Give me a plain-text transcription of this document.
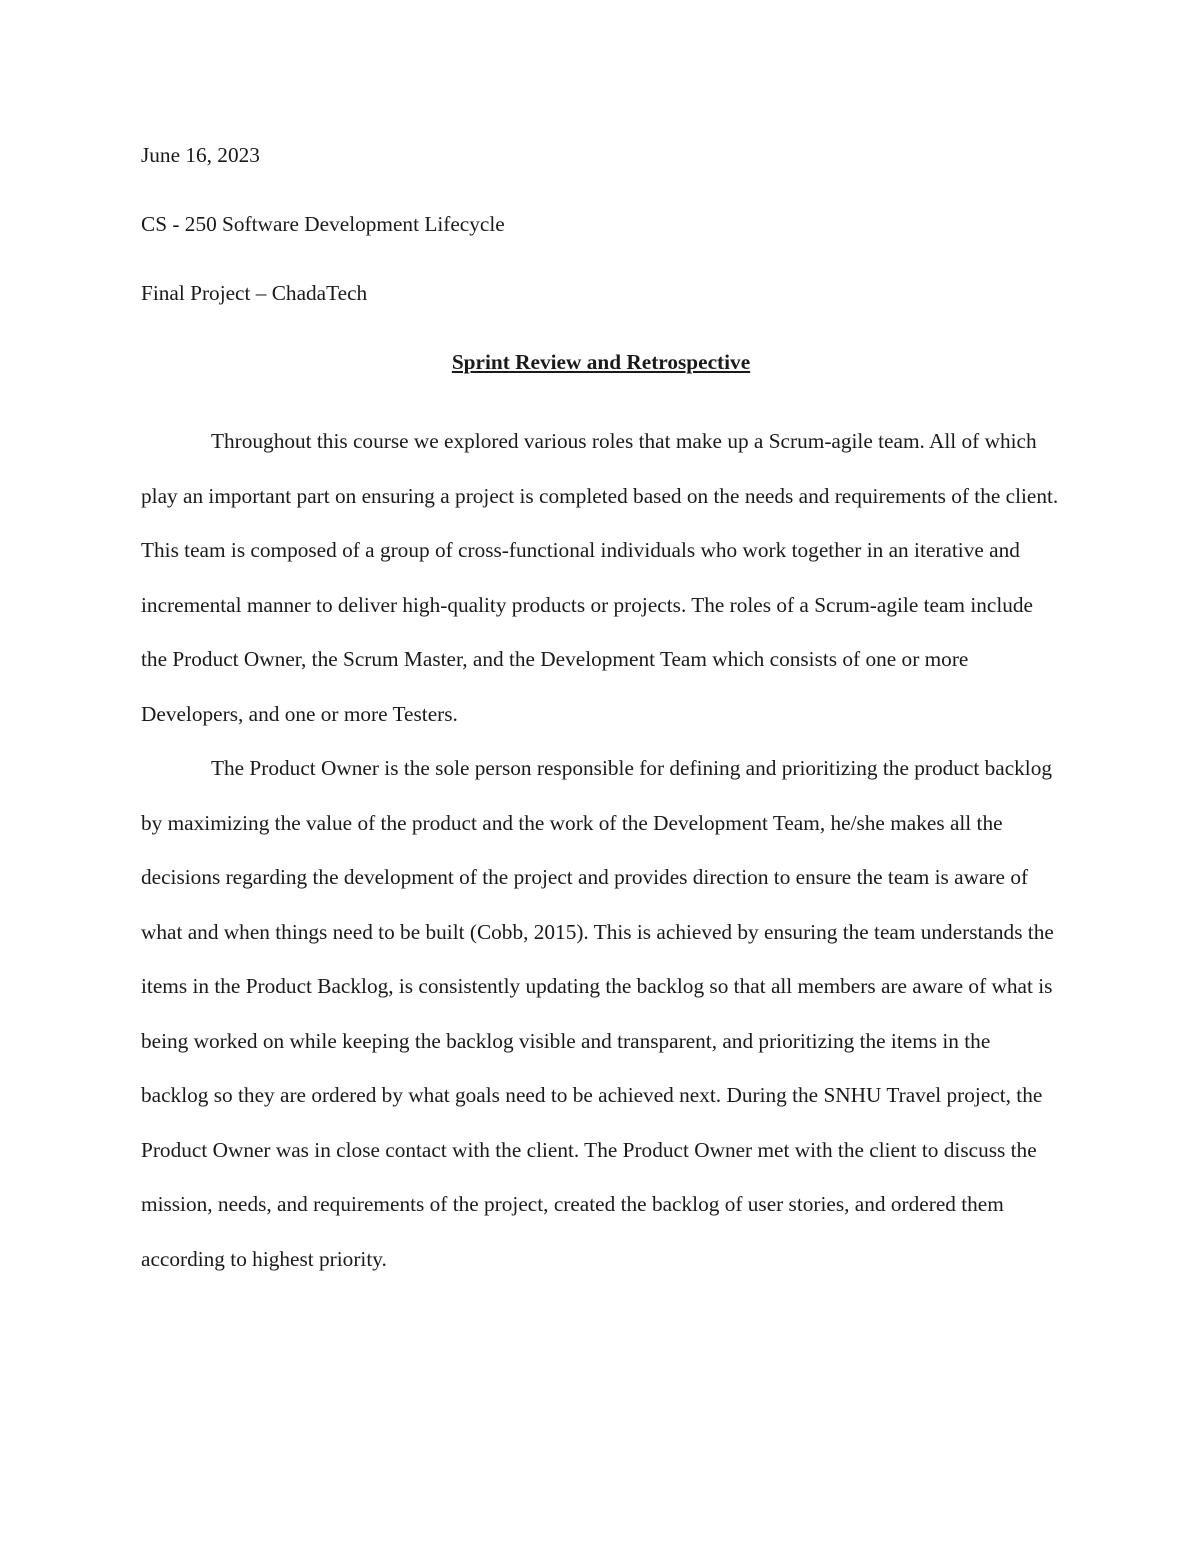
June 16, 2023

CS - 250 Software Development Lifecycle

Final Project – ChadaTech

Sprint Review and Retrospective

Throughout this course we explored various roles that make up a Scrum-agile team. All of which play an important part on ensuring a project is completed based on the needs and requirements of the client. This team is composed of a group of cross-functional individuals who work together in an iterative and incremental manner to deliver high-quality products or projects. The roles of a Scrum-agile team include the Product Owner, the Scrum Master, and the Development Team which consists of one or more Developers, and one or more Testers.

The Product Owner is the sole person responsible for defining and prioritizing the product backlog by maximizing the value of the product and the work of the Development Team, he/she makes all the decisions regarding the development of the project and provides direction to ensure the team is aware of what and when things need to be built (Cobb, 2015). This is achieved by ensuring the team understands the items in the Product Backlog, is consistently updating the backlog so that all members are aware of what is being worked on while keeping the backlog visible and transparent, and prioritizing the items in the backlog so they are ordered by what goals need to be achieved next. During the SNHU Travel project, the Product Owner was in close contact with the client. The Product Owner met with the client to discuss the mission, needs, and requirements of the project, created the backlog of user stories, and ordered them according to highest priority.
